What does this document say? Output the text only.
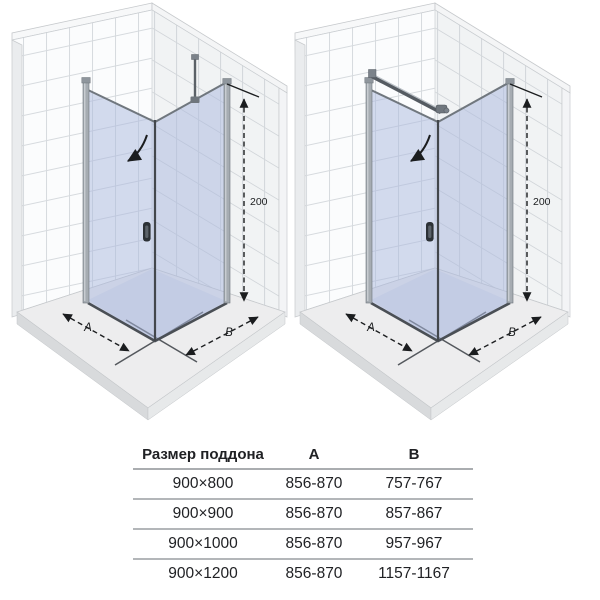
Размер поддона	A	B
900×800	856-870	757-767
900×900	856-870	857-867
900×1000	856-870	957-967
900×1200	856-870	1157-1167
